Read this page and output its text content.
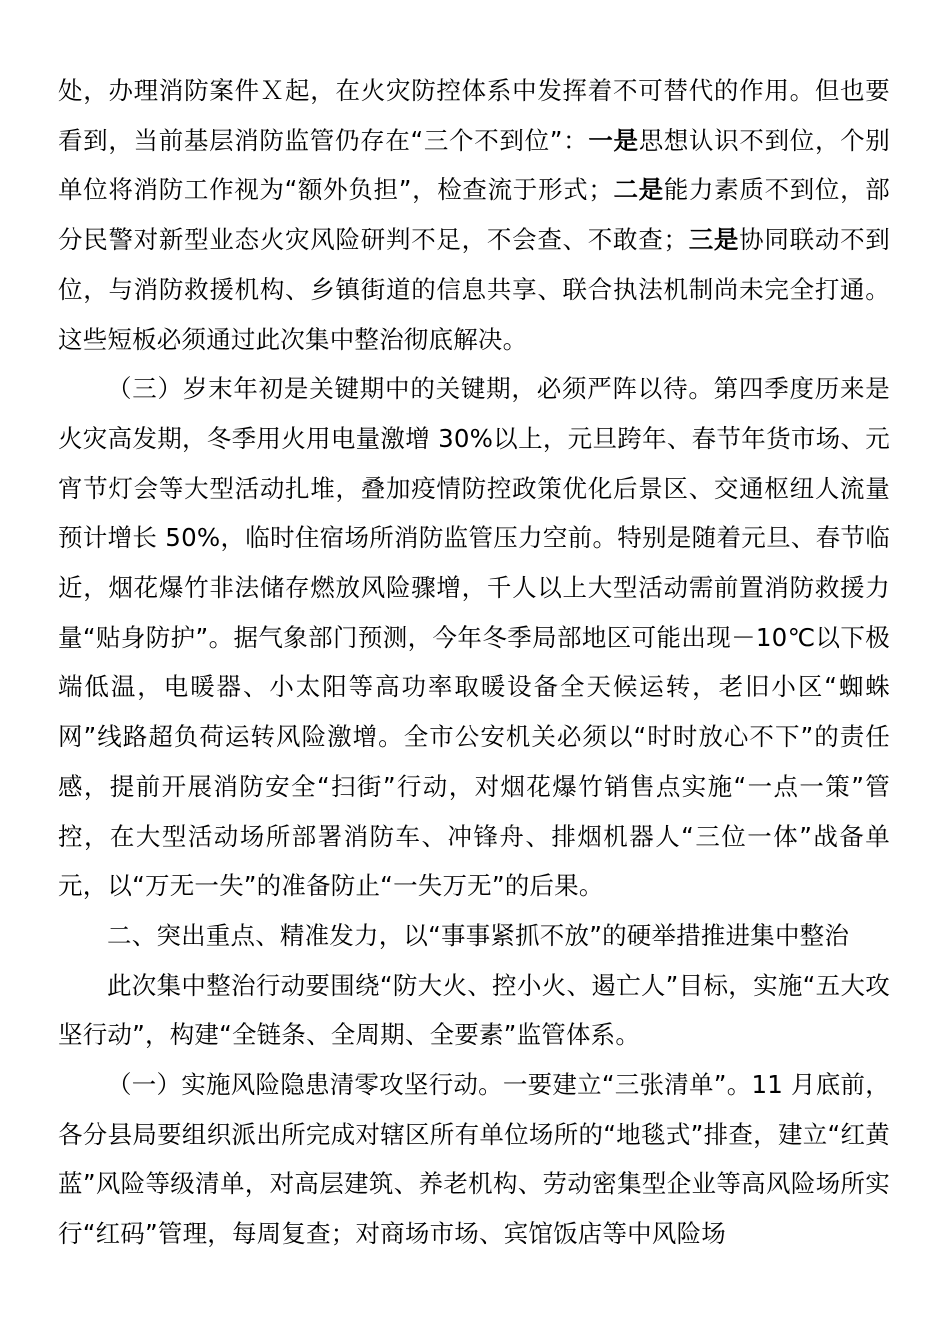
处，办理消防案件Ｘ起，在火灾防控体系中发挥着不可替代的作用。但也要看到，当前基层消防监管仍存在“三个不到位”：一是思想认识不到位，个别单位将消防工作视为“额外负担”，检查流于形式；二是能力素质不到位，部分民警对新型业态火灾风险研判不足，不会查、不敢查；三是协同联动不到位，与消防救援机构、乡镇街道的信息共享、联合执法机制尚未完全打通。这些短板必须通过此次集中整治彻底解决。

（三）岁末年初是关键期中的关键期，必须严阵以待。第四季度历来是火灾高发期，冬季用火用电量激增 30%以上，元旦跨年、春节年货市场、元宵节灯会等大型活动扎堆，叠加疫情防控政策优化后景区、交通枢纽人流量预计增长 50%，临时住宿场所消防监管压力空前。特别是随着元旦、春节临近，烟花爆竹非法储存燃放风险骤增，千人以上大型活动需前置消防救援力量“贴身防护”。据气象部门预测，今年冬季局部地区可能出现－10℃以下极端低温，电暖器、小太阳等高功率取暖设备全天候运转，老旧小区“蜘蛛网”线路超负荷运转风险激增。全市公安机关必须以“时时放心不下”的责任感，提前开展消防安全“扫街”行动，对烟花爆竹销售点实施“一点一策”管控，在大型活动场所部署消防车、冲锋舟、排烟机器人“三位一体”战备单元，以“万无一失”的准备防止“一失万无”的后果。

二、突出重点、精准发力，以“事事紧抓不放”的硬举措推进集中整治

此次集中整治行动要围绕“防大火、控小火、遏亡人”目标，实施“五大攻坚行动”，构建“全链条、全周期、全要素”监管体系。

（一）实施风险隐患清零攻坚行动。一要建立“三张清单”。11 月底前，各分县局要组织派出所完成对辖区所有单位场所的“地毯式”排查，建立“红黄蓝”风险等级清单，对高层建筑、养老机构、劳动密集型企业等高风险场所实行“红码”管理，每周复查；对商场市场、宾馆饭店等中风险场
